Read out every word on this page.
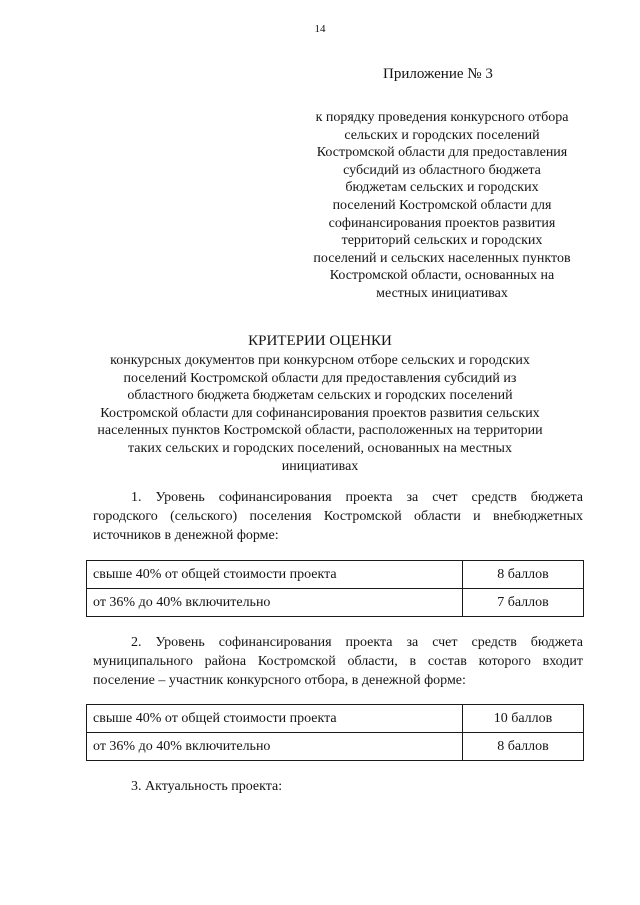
14
Приложение № 3
к порядку проведения конкурсного отбора
сельских и городских поселений
Костромской области для предоставления
субсидий из областного бюджета
бюджетам сельских и городских
поселений Костромской области для
софинансирования проектов развития
территорий сельских и городских
поселений и сельских населенных пунктов
Костромской области, основанных на
местных инициативах
КРИТЕРИИ ОЦЕНКИ
конкурсных документов при конкурсном отборе сельских и городских
поселений Костромской области для предоставления субсидий из
областного бюджета бюджетам сельских и городских поселений
Костромской области для софинансирования проектов развития сельских
населенных пунктов Костромской области, расположенных на территории
таких сельских и городских поселений, основанных на местных
инициативах
1. Уровень софинансирования проекта за счет средств бюджета
городского (сельского) поселения Костромской области и внебюджетных
источников в денежной форме:
свыше 40% от общей стоимости проекта	8 баллов
от 36% до 40% включительно	7 баллов
2. Уровень софинансирования проекта за счет средств бюджета
муниципального района Костромской области, в состав которого входит
поселение – участник конкурсного отбора, в денежной форме:
свыше 40% от общей стоимости проекта	10 баллов
от 36% до 40% включительно	8 баллов
3. Актуальность проекта:
